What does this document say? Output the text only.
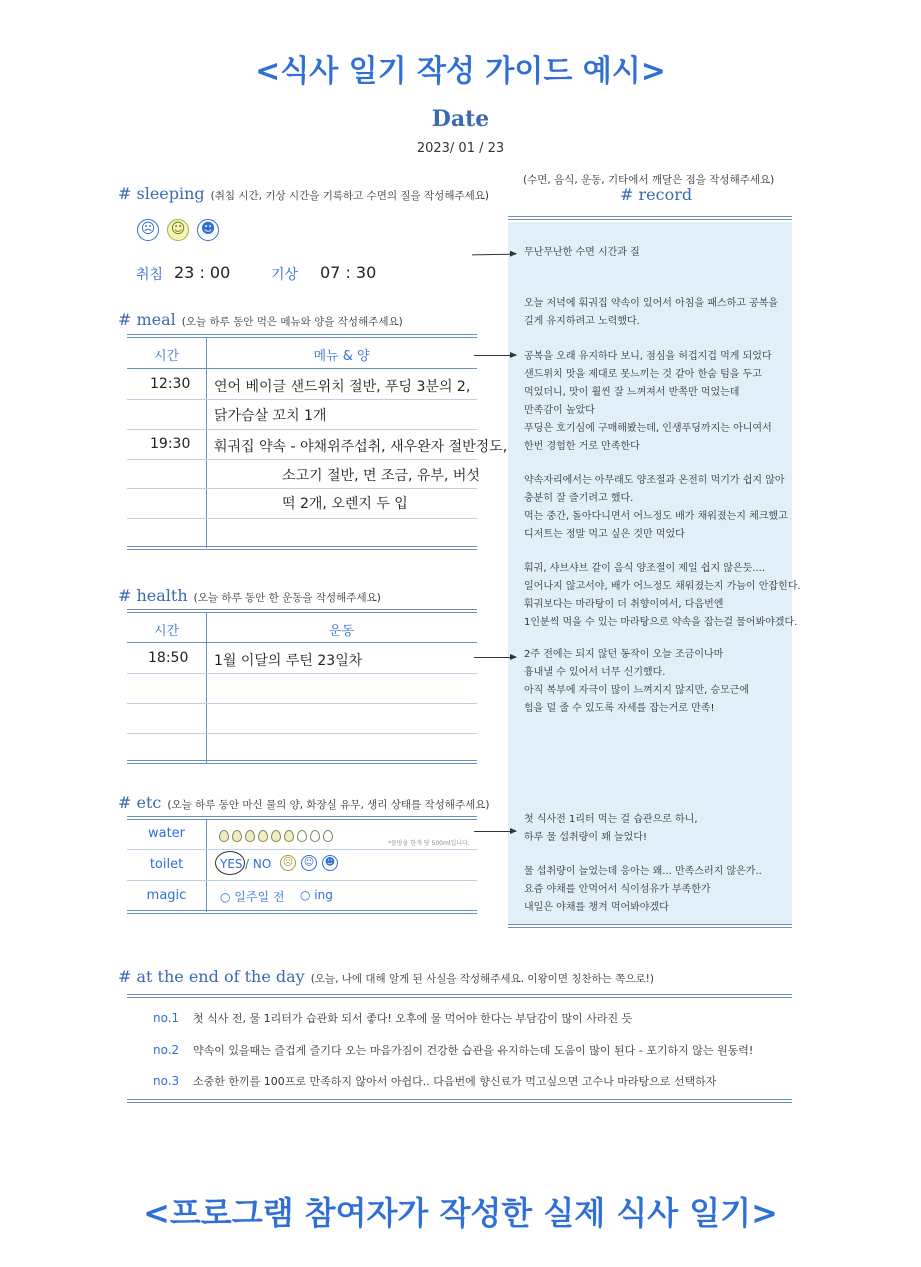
<식사 일기 작성 가이드 예시>
Date
2023/ 01 / 23
# sleeping (취침 시간, 기상 시간을 기록하고 수면의 질을 작성해주세요)
☹ ☺ ☻
취침 23 : 00	기상 07 : 30
# meal (오늘 하루 동안 먹은 메뉴와 양을 작성해주세요)
시간	메뉴 & 양
12:30 연어 베이글 샌드위치 절반, 푸딩 3분의 2,
닭가슴살 꼬치 1개
19:30 훠궈집 약속 - 야채위주섭취, 새우완자 절반정도,
소고기 절반, 면 조금, 유부, 버섯
떡 2개, 오렌지 두 입
# health (오늘 하루 동안 한 운동을 작성해주세요)
시간	운동
18:50 1월 이달의 루틴 23일차
# etc (오늘 하루 동안 마신 물의 양, 화장실 유무, 생리 상태를 작성해주세요)
water
*물방울 한개 당 500ml입니다.
toilet	YES / NO ☹ ☺ ☻
magic	○ 일주일 전 ○ ing
(수면, 음식, 운동, 기타에서 깨달은 점을 작성해주세요)
# record
무난무난한 수면 시간과 질
오늘 저녁에 훠궈집 약속이 있어서 아침을 패스하고 공복을
길게 유지하려고 노력했다.
공복을 오래 유지하다 보니, 점심을 허겁지겁 먹게 되었다
샌드위치 맛을 제대로 못느끼는 것 같아 한숨 텀을 두고
먹었더니, 맛이 훨씬 잘 느껴져서 반쪽만 먹었는데
만족감이 높았다
푸딩은 호기심에 구매해봤는데, 인생푸딩까지는 아니여서
한번 경험한 거로 만족한다
약속자리에서는 아무래도 양조절과 온전히 먹기가 쉽지 않아
충분히 잘 즐기려고 했다.
먹는 중간, 돌아다니면서 어느정도 배가 채워졌는지 체크했고
디저트는 정말 먹고 싶은 것만 먹었다
훠궈, 샤브샤브 같이 음식 양조절이 제일 쉽지 않은듯....
일어나지 않고서야, 배가 어느정도 채워졌는지 가늠이 안잡힌다.
훠궈보다는 마라탕이 더 취향이여서, 다음번엔
1인분씩 먹을 수 있는 마라탕으로 약속을 잡는걸 물어봐야겠다.
2주 전에는 되지 않던 동작이 오늘 조금이나마
흉내낼 수 있어서 너무 신기했다.
아직 복부에 자극이 많이 느껴지지 않지만, 승모근에
힘을 덜 줄 수 있도록 자세를 잡는거로 만족!
첫 식사전 1리터 먹는 걸 습관으로 하니,
하루 물 섭취량이 꽤 늘었다!
물 섭취량이 늘었는데 응아는 왜... 만족스러지 않은가..
요즘 야채를 안먹어서 식이섬유가 부족한가
내일은 야채를 챙겨 먹어봐야겠다
# at the end of the day (오늘, 나에 대해 알게 된 사실을 작성해주세요. 이왕이면 칭찬하는 쪽으로!)
no.1 첫 식사 전, 물 1리터가 습관화 되서 좋다! 오후에 물 먹어야 한다는 부담감이 많이 사라진 듯
no.2 약속이 있을때는 즐겁게 즐기다 오는 마음가짐이 건강한 습관을 유지하는데 도움이 많이 된다 - 포기하지 않는 원동력!
no.3 소중한 한끼를 100프로 만족하지 않아서 아쉽다.. 다음번에 향신료가 먹고싶으면 고수나 마라탕으로 선택하자
<프로그램 참여자가 작성한 실제 식사 일기>
